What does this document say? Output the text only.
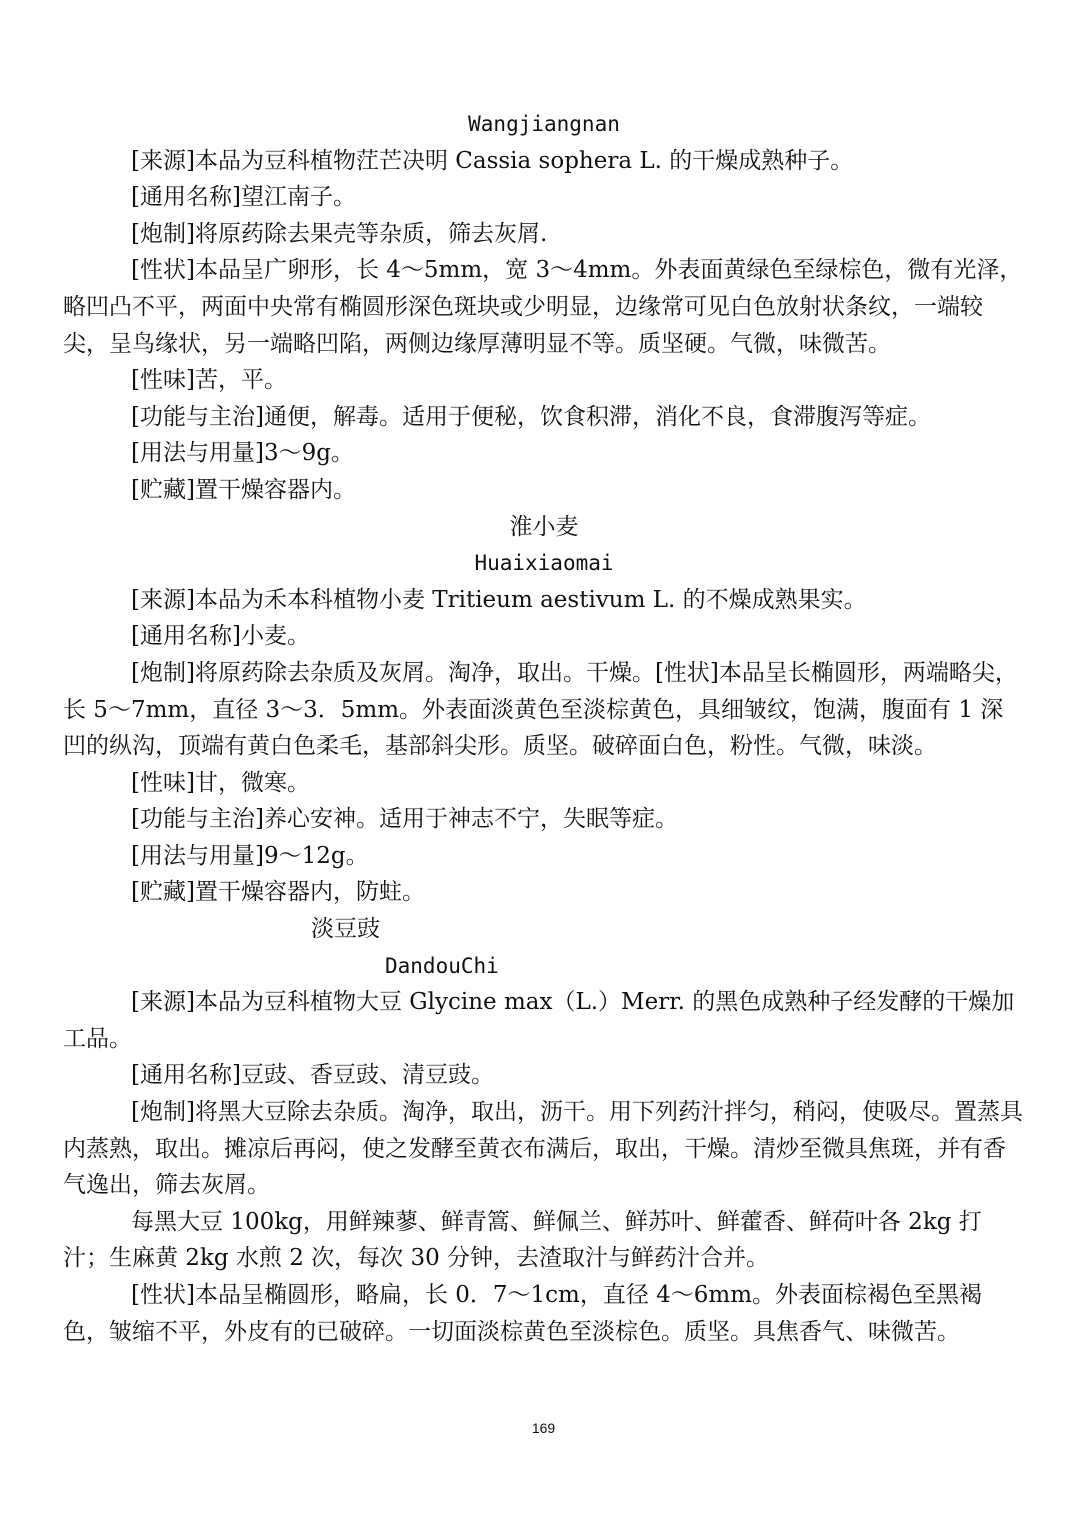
Wangjiangnan

[来源]本品为豆科植物茳芒决明 Cassia sophera L. 的干燥成熟种子。

[通用名称]望江南子。

[炮制]将原药除去果壳等杂质，筛去灰屑.

[性状]本品呈广卵形，长 4～5mm，宽 3～4mm。外表面黄绿色至绿棕色，微有光泽，略凹凸不平，两面中央常有椭圆形深色斑块或少明显，边缘常可见白色放射状条纹，一端较尖，呈鸟缘状，另一端略凹陷，两侧边缘厚薄明显不等。质坚硬。气微，味微苦。

[性味]苦，平。

[功能与主治]通便，解毒。适用于便秘，饮食积滞，消化不良，食滞腹泻等症。

[用法与用量]3～9g。

[贮藏]置干燥容器内。

淮小麦

Huaixiaomai

[来源]本品为禾本科植物小麦 Tritieum aestivum L. 的不燥成熟果实。

[通用名称]小麦。

[炮制]将原药除去杂质及灰屑。淘净，取出。干燥。[性状]本品呈长椭圆形，两端略尖，长 5～7mm，直径 3～3．5mm。外表面淡黄色至淡棕黄色，具细皱纹，饱满，腹面有 1 深凹的纵沟，顶端有黄白色柔毛，基部斜尖形。质坚。破碎面白色，粉性。气微，味淡。

[性味]甘，微寒。

[功能与主治]养心安神。适用于神志不宁，失眠等症。

[用法与用量]9～12g。

[贮藏]置干燥容器内，防蛀。

淡豆豉

DandouChi

[来源]本品为豆科植物大豆 Glycine max（L.）Merr. 的黑色成熟种子经发酵的干燥加工品。

[通用名称]豆豉、香豆豉、清豆豉。

[炮制]将黑大豆除去杂质。淘净，取出，沥干。用下列药汁拌匀，稍闷，使吸尽。置蒸具内蒸熟，取出。摊凉后再闷，使之发酵至黄衣布满后，取出，干燥。清炒至微具焦斑，并有香气逸出，筛去灰屑。

每黑大豆 100kg，用鲜辣蓼、鲜青篙、鲜佩兰、鲜苏叶、鲜藿香、鲜荷叶各 2kg 打汁；生麻黄 2kg 水煎 2 次，每次 30 分钟，去渣取汁与鲜药汁合并。

[性状]本品呈椭圆形，略扁，长 0．7～1cm，直径 4～6mm。外表面棕褐色至黑褐色，皱缩不平，外皮有的已破碎。一切面淡棕黄色至淡棕色。质坚。具焦香气、味微苦。

169
